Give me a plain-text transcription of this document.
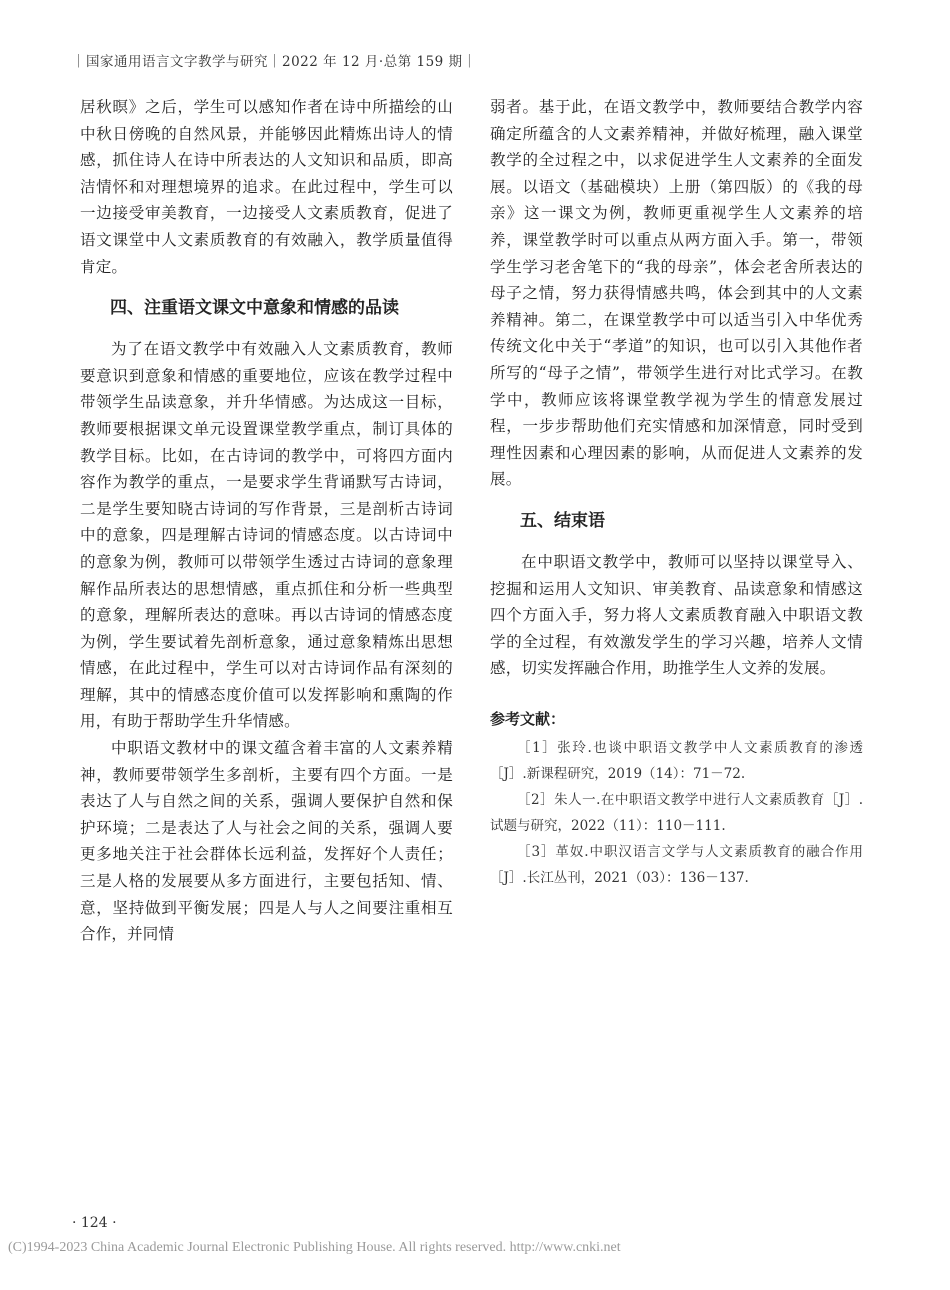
｜国家通用语言文字教学与研究｜2022 年 12 月·总第 159 期｜

居秋暝》之后，学生可以感知作者在诗中所描绘的山中秋日傍晚的自然风景，并能够因此精炼出诗人的情感，抓住诗人在诗中所表达的人文知识和品质，即高洁情怀和对理想境界的追求。在此过程中，学生可以一边接受审美教育，一边接受人文素质教育，促进了语文课堂中人文素质教育的有效融入，教学质量值得肯定。

四、注重语文课文中意象和情感的品读

为了在语文教学中有效融入人文素质教育，教师要意识到意象和情感的重要地位，应该在教学过程中带领学生品读意象，并升华情感。为达成这一目标，教师要根据课文单元设置课堂教学重点，制订具体的教学目标。比如，在古诗词的教学中，可将四方面内容作为教学的重点，一是要求学生背诵默写古诗词，二是学生要知晓古诗词的写作背景，三是剖析古诗词中的意象，四是理解古诗词的情感态度。以古诗词中的意象为例，教师可以带领学生透过古诗词的意象理解作品所表达的思想情感，重点抓住和分析一些典型的意象，理解所表达的意味。再以古诗词的情感态度为例，学生要试着先剖析意象，通过意象精炼出思想情感，在此过程中，学生可以对古诗词作品有深刻的理解，其中的情感态度价值可以发挥影响和熏陶的作用，有助于帮助学生升华情感。

中职语文教材中的课文蕴含着丰富的人文素养精神，教师要带领学生多剖析，主要有四个方面。一是表达了人与自然之间的关系，强调人要保护自然和保护环境；二是表达了人与社会之间的关系，强调人要更多地关注于社会群体长远利益，发挥好个人责任；三是人格的发展要从多方面进行，主要包括知、情、意，坚持做到平衡发展；四是人与人之间要注重相互合作，并同情

弱者。基于此，在语文教学中，教师要结合教学内容确定所蕴含的人文素养精神，并做好梳理，融入课堂教学的全过程之中，以求促进学生人文素养的全面发展。以语文（基础模块）上册（第四版）的《我的母亲》这一课文为例，教师更重视学生人文素养的培养，课堂教学时可以重点从两方面入手。第一，带领学生学习老舍笔下的“我的母亲”，体会老舍所表达的母子之情，努力获得情感共鸣，体会到其中的人文素养精神。第二，在课堂教学中可以适当引入中华优秀传统文化中关于“孝道”的知识，也可以引入其他作者所写的“母子之情”，带领学生进行对比式学习。在教学中，教师应该将课堂教学视为学生的情意发展过程，一步步帮助他们充实情感和加深情意，同时受到理性因素和心理因素的影响，从而促进人文素养的发展。

五、结束语

在中职语文教学中，教师可以坚持以课堂导入、挖掘和运用人文知识、审美教育、品读意象和情感这四个方面入手，努力将人文素质教育融入中职语文教学的全过程，有效激发学生的学习兴趣，培养人文情感，切实发挥融合作用，助推学生人文养的发展。

参考文献：

［1］张玲.也谈中职语文教学中人文素质教育的渗透［J］.新课程研究，2019（14）：71－72.

［2］朱人一.在中职语文教学中进行人文素质教育［J］.试题与研究，2022（11）：110－111.

［3］革奴.中职汉语言文学与人文素质教育的融合作用［J］.长江丛刊，2021（03）：136－137.

· 124 ·
(C)1994-2023 China Academic Journal Electronic Publishing House. All rights reserved. http://www.cnki.net
